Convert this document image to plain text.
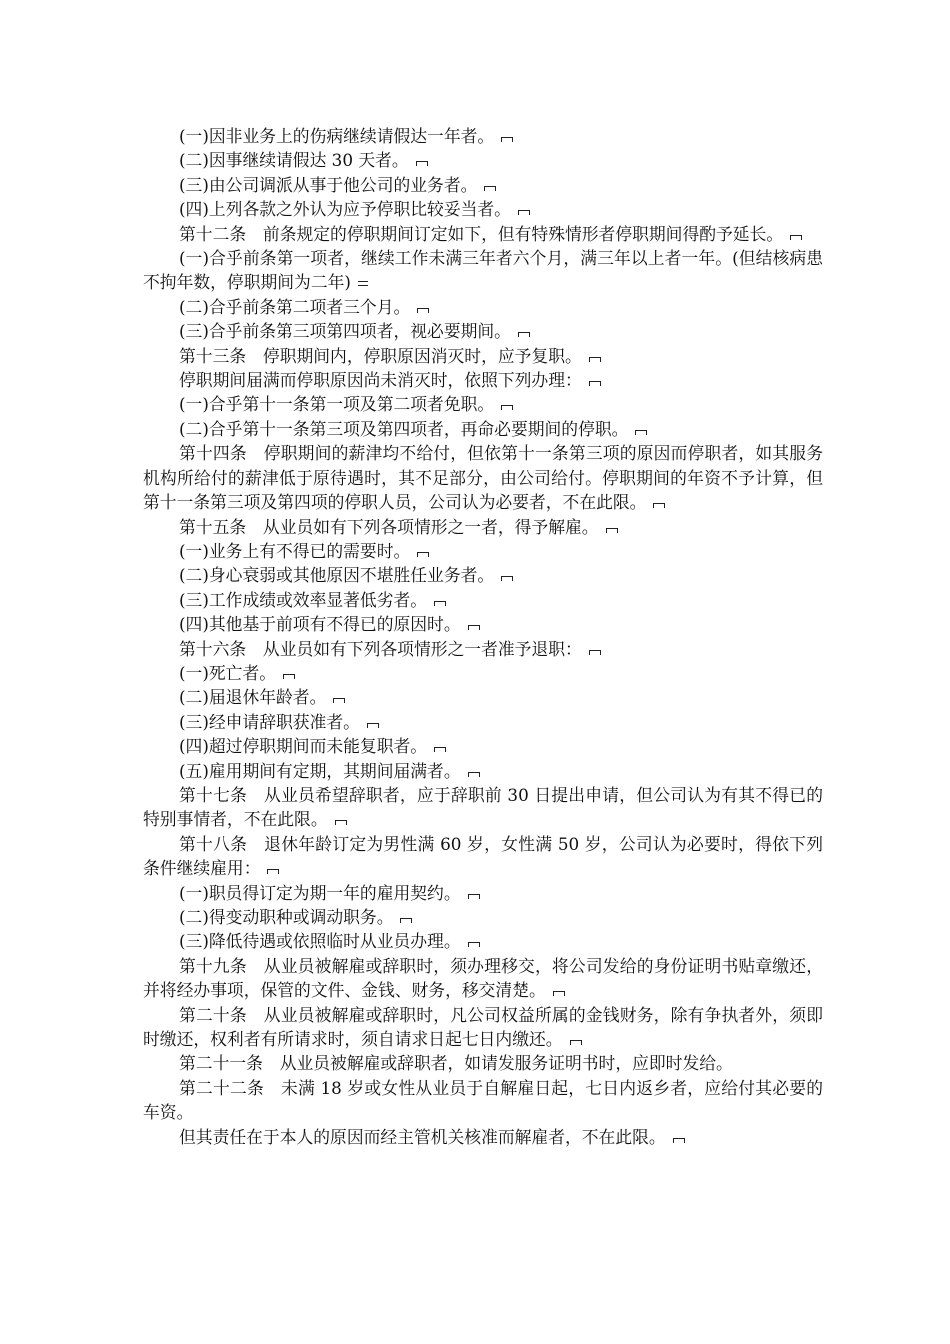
(一)因非业务上的伤病继续请假达一年者。

(二)因事继续请假达 30 天者。

(三)由公司调派从事于他公司的业务者。

(四)上列各款之外认为应予停职比较妥当者。

第十二条　前条规定的停职期间订定如下，但有特殊情形者停职期间得酌予延长。

(一)合乎前条第一项者，继续工作未满三年者六个月，满三年以上者一年。(但结核病患不拘年数，停职期间为二年)

(二)合乎前条第二项者三个月。

(三)合乎前条第三项第四项者，视必要期间。

第十三条　停职期间内，停职原因消灭时，应予复职。

停职期间届满而停职原因尚未消灭时，依照下列办理：

(一)合乎第十一条第一项及第二项者免职。

(二)合乎第十一条第三项及第四项者，再命必要期间的停职。

第十四条　停职期间的薪津均不给付，但依第十一条第三项的原因而停职者，如其服务机构所给付的薪津低于原待遇时，其不足部分，由公司给付。停职期间的年资不予计算，但第十一条第三项及第四项的停职人员，公司认为必要者，不在此限。

第十五条　从业员如有下列各项情形之一者，得予解雇。

(一)业务上有不得已的需要时。

(二)身心衰弱或其他原因不堪胜任业务者。

(三)工作成绩或效率显著低劣者。

(四)其他基于前项有不得已的原因时。

第十六条　从业员如有下列各项情形之一者准予退职：

(一)死亡者。

(二)届退休年龄者。

(三)经申请辞职获准者。

(四)超过停职期间而未能复职者。

(五)雇用期间有定期，其期间届满者。

第十七条　从业员希望辞职者，应于辞职前 30 日提出申请，但公司认为有其不得已的特别事情者，不在此限。

第十八条　退休年龄订定为男性满 60 岁，女性满 50 岁，公司认为必要时，得依下列条件继续雇用：

(一)职员得订定为期一年的雇用契约。

(二)得变动职种或调动职务。

(三)降低待遇或依照临时从业员办理。

第十九条　从业员被解雇或辞职时，须办理移交，将公司发给的身份证明书贴章缴还，并将经办事项，保管的文件、金钱、财务，移交清楚。

第二十条　从业员被解雇或辞职时，凡公司权益所属的金钱财务，除有争执者外，须即时缴还，权利者有所请求时，须自请求日起七日内缴还。

第二十一条　从业员被解雇或辞职者，如请发服务证明书时，应即时发给。

第二十二条　未满 18 岁或女性从业员于自解雇日起，七日内返乡者，应给付其必要的车资。

但其责任在于本人的原因而经主管机关核准而解雇者，不在此限。
